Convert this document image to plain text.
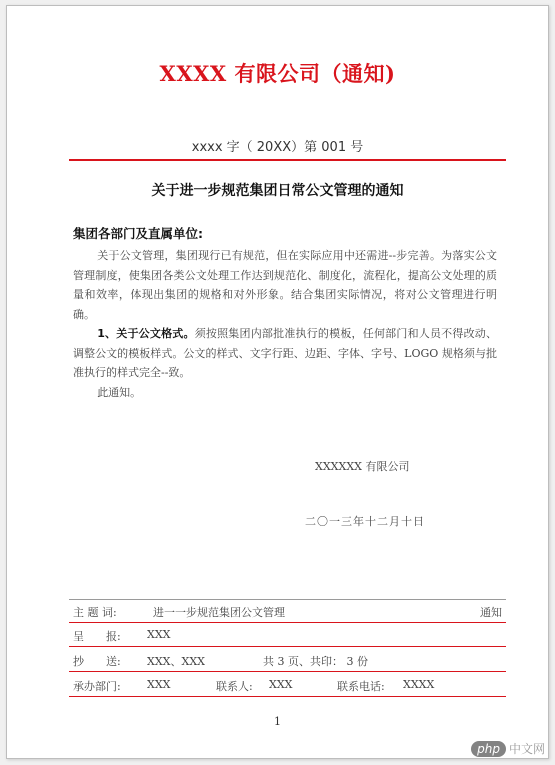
XXXX 有限公司（通知)
xxxx 字（ 20XX）第 001 号
关于进一步规范集团日常公文管理的通知
集团各部门及直属单位:

关于公文管理，集团现行已有规范，但在实际应用中还需进--步完善。为落实公文管理制度，使集团各类公文处理工作达到规范化、制度化，流程化，提高公文处理的质量和效率，体现出集团的规格和对外形象。结合集团实际情况，将对公文管理进行明确。

1、关于公文格式。须按照集团内部批准执行的模板，任何部门和人员不得改动、调整公文的模板样式。公文的样式、文字行距、边距、字体、字号、LOGO 规格须与批准执行的样式完全--致。

此通知。

XXXXXX 有限公司
二〇一三年十二月十日
主 题 词:	进一一步规范集团公文管理	通知
呈　　报: XXX
抄　　送: XXX、XXX	共 3 页、共印： 3 份
承办部门: XXX	联系人: XXX	联系电话: XXXX
1
php 中文网
